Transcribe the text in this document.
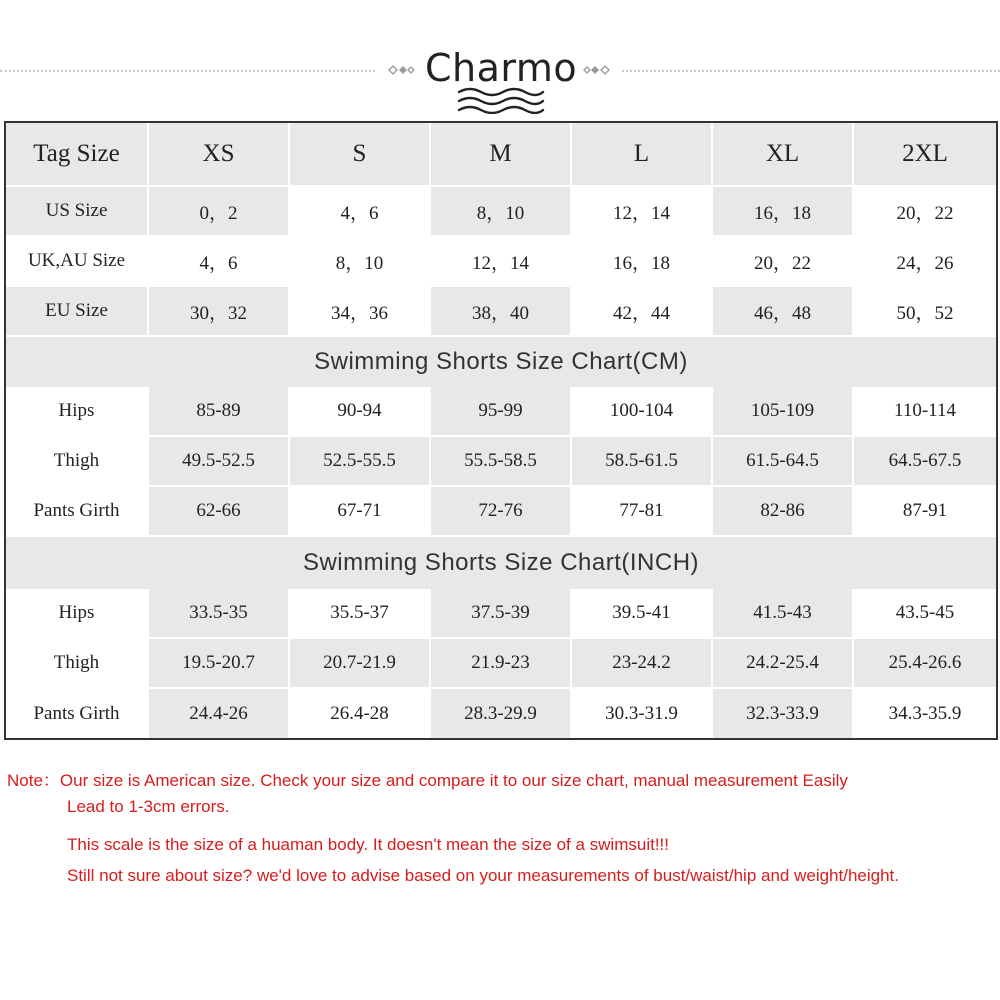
Charmo
Tag Size	XS	S	M	L	XL	2XL
US Size	0，2	4，6	8，10	12，14	16，18	20，22
UK,AU Size	4，6	8，10	12，14	16，18	20，22	24，26
EU Size	30，32	34，36	38，40	42，44	46，48	50，52
Swimming Shorts Size Chart(CM)
Hips	85-89	90-94	95-99	100-104	105-109	110-114
Thigh	49.5-52.5	52.5-55.5	55.5-58.5	58.5-61.5	61.5-64.5	64.5-67.5
Pants Girth	62-66	67-71	72-76	77-81	82-86	87-91
Swimming Shorts Size Chart(INCH)
Hips	33.5-35	35.5-37	37.5-39	39.5-41	41.5-43	43.5-45
Thigh	19.5-20.7	20.7-21.9	21.9-23	23-24.2	24.2-25.4	25.4-26.6
Pants Girth	24.4-26	26.4-28	28.3-29.9	30.3-31.9	32.3-33.9	34.3-35.9
Note：Our size is American size. Check your size and compare it to our size chart, manual measurement Easily
Lead to 1-3cm errors.
This scale is the size of a huaman body. It doesn't mean the size of a swimsuit!!!
Still not sure about size? we'd love to advise based on your measurements of bust/waist/hip and weight/height.
